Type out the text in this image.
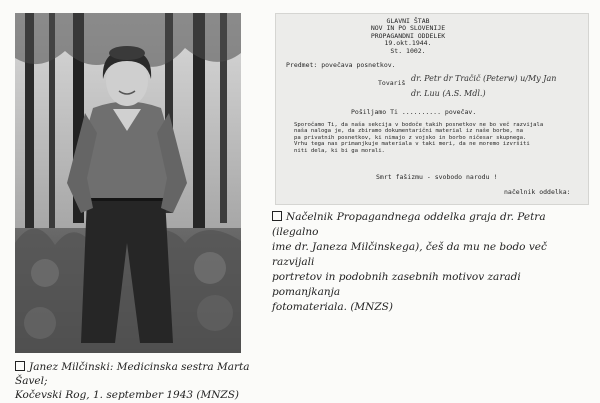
Janez Milčinski: Medicinska sestra Marta Šavel;
Kočevski Rog, 1. september 1943 (MNZS)
GLAVNI ŠTAB
NOV IN PO SLOVENIJE
PROPAGANDNI ODDELEK
19.okt.1944.
St. 1002.
Predmet: povečava posnetkov.
Tovariš dr. Petr dr Tračič (Peterw) u/My Jan
dr. Luu (A.S. Mdl.)
Pošiljamo Ti .......... povečav.
Sporočamo Ti, da naša sekcija v bodoče takih posnetkov ne bo več razvijala
naša naloga je, da zbiramo dokumentarični material iz naše borbe, na
pa privatnih posnetkov, ki nimajo z vojsko in borbo ničesar skupnega.
Vrhu tega nas primanjkuje materiala v taki meri, da ne moremo izvršiti
niti dela, ki bi ga morali.
Smrt fašizmu - svobodo narodu !
načelnik oddelka:
Načelnik Propagandnega oddelka graja dr. Petra (ilegalno
ime dr. Janeza Milčinskega), češ da mu ne bodo več razvijali
portretov in podobnih zasebnih motivov zaradi pomanjkanja
fotomateriala. (MNZS)
